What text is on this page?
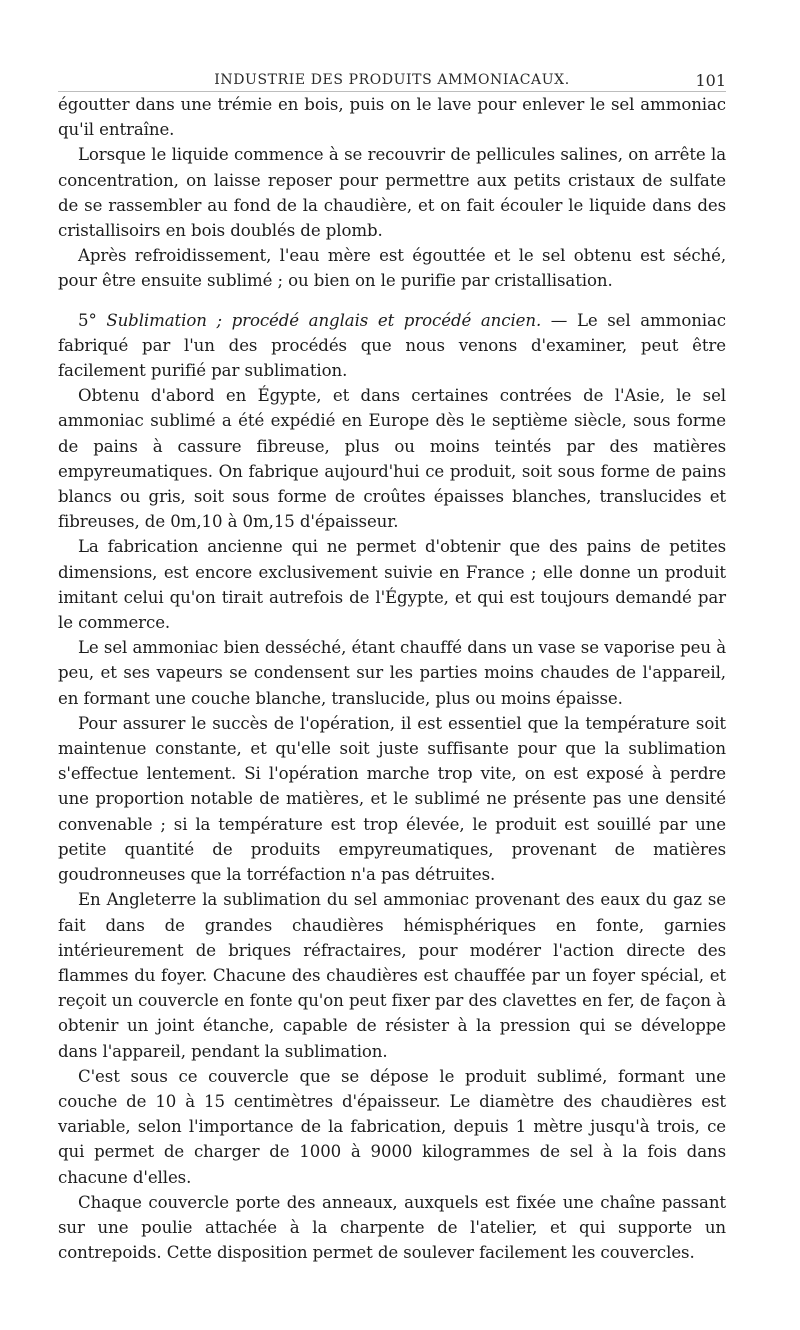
INDUSTRIE DES PRODUITS AMMONIACAUX.	101

égoutter dans une trémie en bois, puis on le lave pour enlever le sel ammoniac qu'il entraîne.

Lorsque le liquide commence à se recouvrir de pellicules salines, on arrête la concentration, on laisse reposer pour permettre aux petits cristaux de sulfate de se rassembler au fond de la chaudière, et on fait écouler le liquide dans des cristallisoirs en bois doublés de plomb.

Après refroidissement, l'eau mère est égouttée et le sel obtenu est séché, pour être ensuite sublimé ; ou bien on le purifie par cristallisation.

5° Sublimation ; procédé anglais et procédé ancien. — Le sel ammoniac fabriqué par l'un des procédés que nous venons d'examiner, peut être facilement purifié par sublimation.

Obtenu d'abord en Égypte, et dans certaines contrées de l'Asie, le sel ammoniac sublimé a été expédié en Europe dès le septième siècle, sous forme de pains à cassure fibreuse, plus ou moins teintés par des matières empyreumatiques. On fabrique aujourd'hui ce produit, soit sous forme de pains blancs ou gris, soit sous forme de croûtes épaisses blanches, translucides et fibreuses, de 0m,10 à 0m,15 d'épaisseur.

La fabrication ancienne qui ne permet d'obtenir que des pains de petites dimensions, est encore exclusivement suivie en France ; elle donne un produit imitant celui qu'on tirait autrefois de l'Égypte, et qui est toujours demandé par le commerce.

Le sel ammoniac bien desséché, étant chauffé dans un vase se vaporise peu à peu, et ses vapeurs se condensent sur les parties moins chaudes de l'appareil, en formant une couche blanche, translucide, plus ou moins épaisse.

Pour assurer le succès de l'opération, il est essentiel que la température soit maintenue constante, et qu'elle soit juste suffisante pour que la sublimation s'effectue lentement. Si l'opération marche trop vite, on est exposé à perdre une proportion notable de matières, et le sublimé ne présente pas une densité convenable ; si la température est trop élevée, le produit est souillé par une petite quantité de produits empyreumatiques, provenant de matières goudronneuses que la torréfaction n'a pas détruites.

En Angleterre la sublimation du sel ammoniac provenant des eaux du gaz se fait dans de grandes chaudières hémisphériques en fonte, garnies intérieurement de briques réfractaires, pour modérer l'action directe des flammes du foyer. Chacune des chaudières est chauffée par un foyer spécial, et reçoit un couvercle en fonte qu'on peut fixer par des clavettes en fer, de façon à obtenir un joint étanche, capable de résister à la pression qui se développe dans l'appareil, pendant la sublimation.

C'est sous ce couvercle que se dépose le produit sublimé, formant une couche de 10 à 15 centimètres d'épaisseur. Le diamètre des chaudières est variable, selon l'importance de la fabrication, depuis 1 mètre jusqu'à trois, ce qui permet de charger de 1000 à 9000 kilogrammes de sel à la fois dans chacune d'elles.

Chaque couvercle porte des anneaux, auxquels est fixée une chaîne passant sur une poulie attachée à la charpente de l'atelier, et qui supporte un contrepoids. Cette disposition permet de soulever facilement les couvercles.
